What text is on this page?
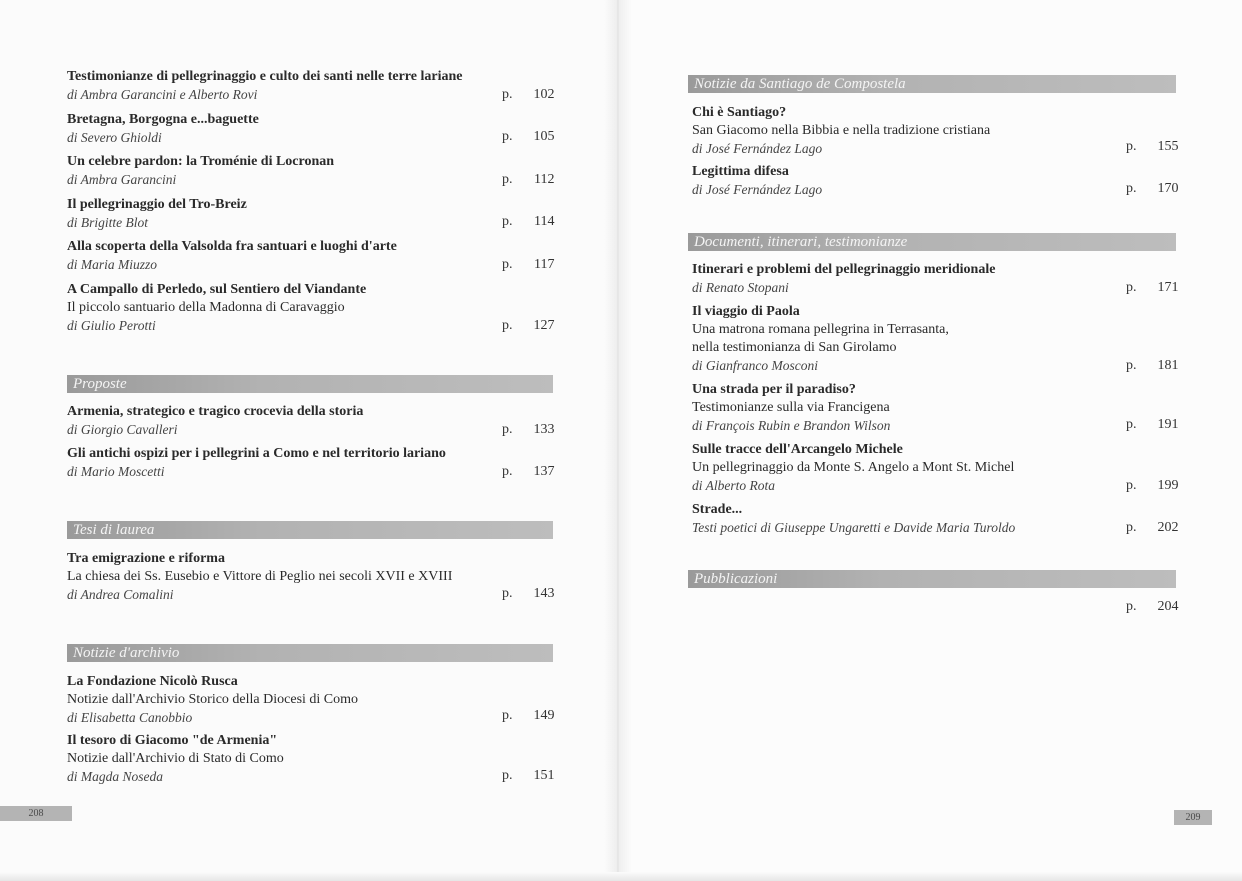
Testimonianze di pellegrinaggio e culto dei santi nelle terre lariane
di Ambra Garancini e Alberto Rovi	p. 102
Bretagna, Borgogna e...baguette
di Severo Ghioldi	p. 105
Un celebre pardon: la Troménie di Locronan
di Ambra Garancini	p. 112
Il pellegrinaggio del Tro-Breiz
di Brigitte Blot	p. 114
Alla scoperta della Valsolda fra santuari e luoghi d'arte
di Maria Miuzzo	p. 117
A Campallo di Perledo, sul Sentiero del Viandante
Il piccolo santuario della Madonna di Caravaggio
di Giulio Perotti	p. 127
Proposte
Armenia, strategico e tragico crocevia della storia
di Giorgio Cavalleri	p. 133
Gli antichi ospizi per i pellegrini a Como e nel territorio lariano
di Mario Moscetti	p. 137
Tesi di laurea
Tra emigrazione e riforma
La chiesa dei Ss. Eusebio e Vittore di Peglio nei secoli XVII e XVIII
di Andrea Comalini	p. 143
Notizie d'archivio
La Fondazione Nicolò Rusca
Notizie dall'Archivio Storico della Diocesi di Como
di Elisabetta Canobbio	p. 149
Il tesoro di Giacomo "de Armenia"
Notizie dall'Archivio di Stato di Como
di Magda Noseda	p. 151
208
Notizie da Santiago de Compostela
Chi è Santiago?
San Giacomo nella Bibbia e nella tradizione cristiana
di José Fernández Lago	p. 155
Legittima difesa
di José Fernández Lago	p. 170
Documenti, itinerari, testimonianze
Itinerari e problemi del pellegrinaggio meridionale
di Renato Stopani	p. 171
Il viaggio di Paola
Una matrona romana pellegrina in Terrasanta,
nella testimonianza di San Girolamo
di Gianfranco Mosconi	p. 181
Una strada per il paradiso?
Testimonianze sulla via Francigena
di François Rubin e Brandon Wilson	p. 191
Sulle tracce dell'Arcangelo Michele
Un pellegrinaggio da Monte S. Angelo a Mont St. Michel
di Alberto Rota	p. 199
Strade...
Testi poetici di Giuseppe Ungaretti e Davide Maria Turoldo	p. 202
Pubblicazioni
p. 204
209
